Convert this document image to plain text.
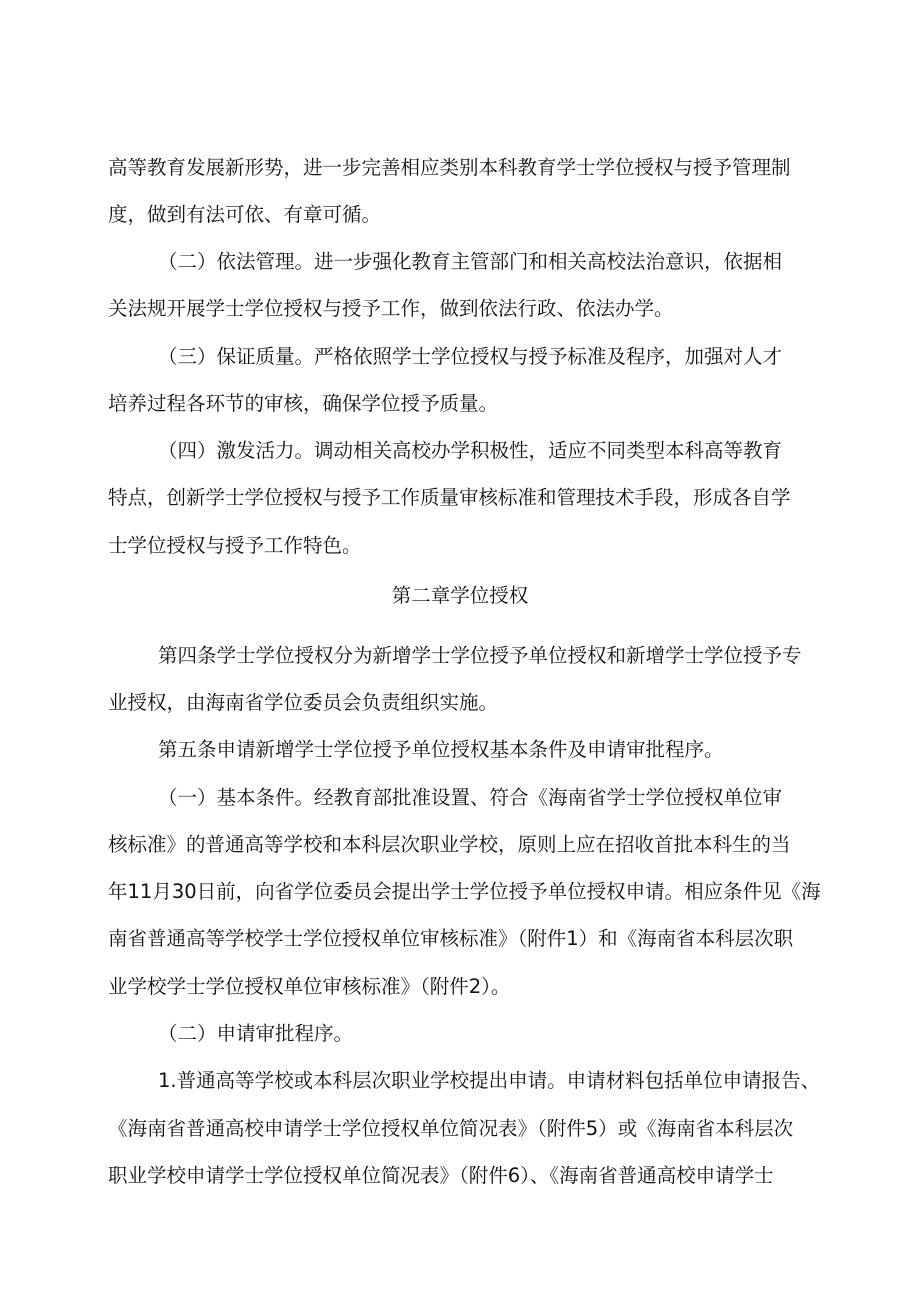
高等教育发展新形势，进一步完善相应类别本科教育学士学位授权与授予管理制
度，做到有法可依、有章可循。
（二）依法管理。进一步强化教育主管部门和相关高校法治意识，依据相
关法规开展学士学位授权与授予工作，做到依法行政、依法办学。
（三）保证质量。严格依照学士学位授权与授予标准及程序，加强对人才
培养过程各环节的审核，确保学位授予质量。
（四）激发活力。调动相关高校办学积极性，适应不同类型本科高等教育
特点，创新学士学位授权与授予工作质量审核标准和管理技术手段，形成各自学
士学位授权与授予工作特色。
第二章学位授权
第四条学士学位授权分为新增学士学位授予单位授权和新增学士学位授予专
业授权，由海南省学位委员会负责组织实施。
第五条申请新增学士学位授予单位授权基本条件及申请审批程序。
（一）基本条件。经教育部批准设置、符合《海南省学士学位授权单位审
核标准》的普通高等学校和本科层次职业学校，原则上应在招收首批本科生的当
年11月30日前，向省学位委员会提出学士学位授予单位授权申请。相应条件见《海
南省普通高等学校学士学位授权单位审核标准》（附件1）和《海南省本科层次职
业学校学士学位授权单位审核标准》（附件2）。
（二）申请审批程序。
1.普通高等学校或本科层次职业学校提出申请。申请材料包括单位申请报告、
《海南省普通高校申请学士学位授权单位简况表》（附件5）或《海南省本科层次
职业学校申请学士学位授权单位简况表》（附件6）、《海南省普通高校申请学士
